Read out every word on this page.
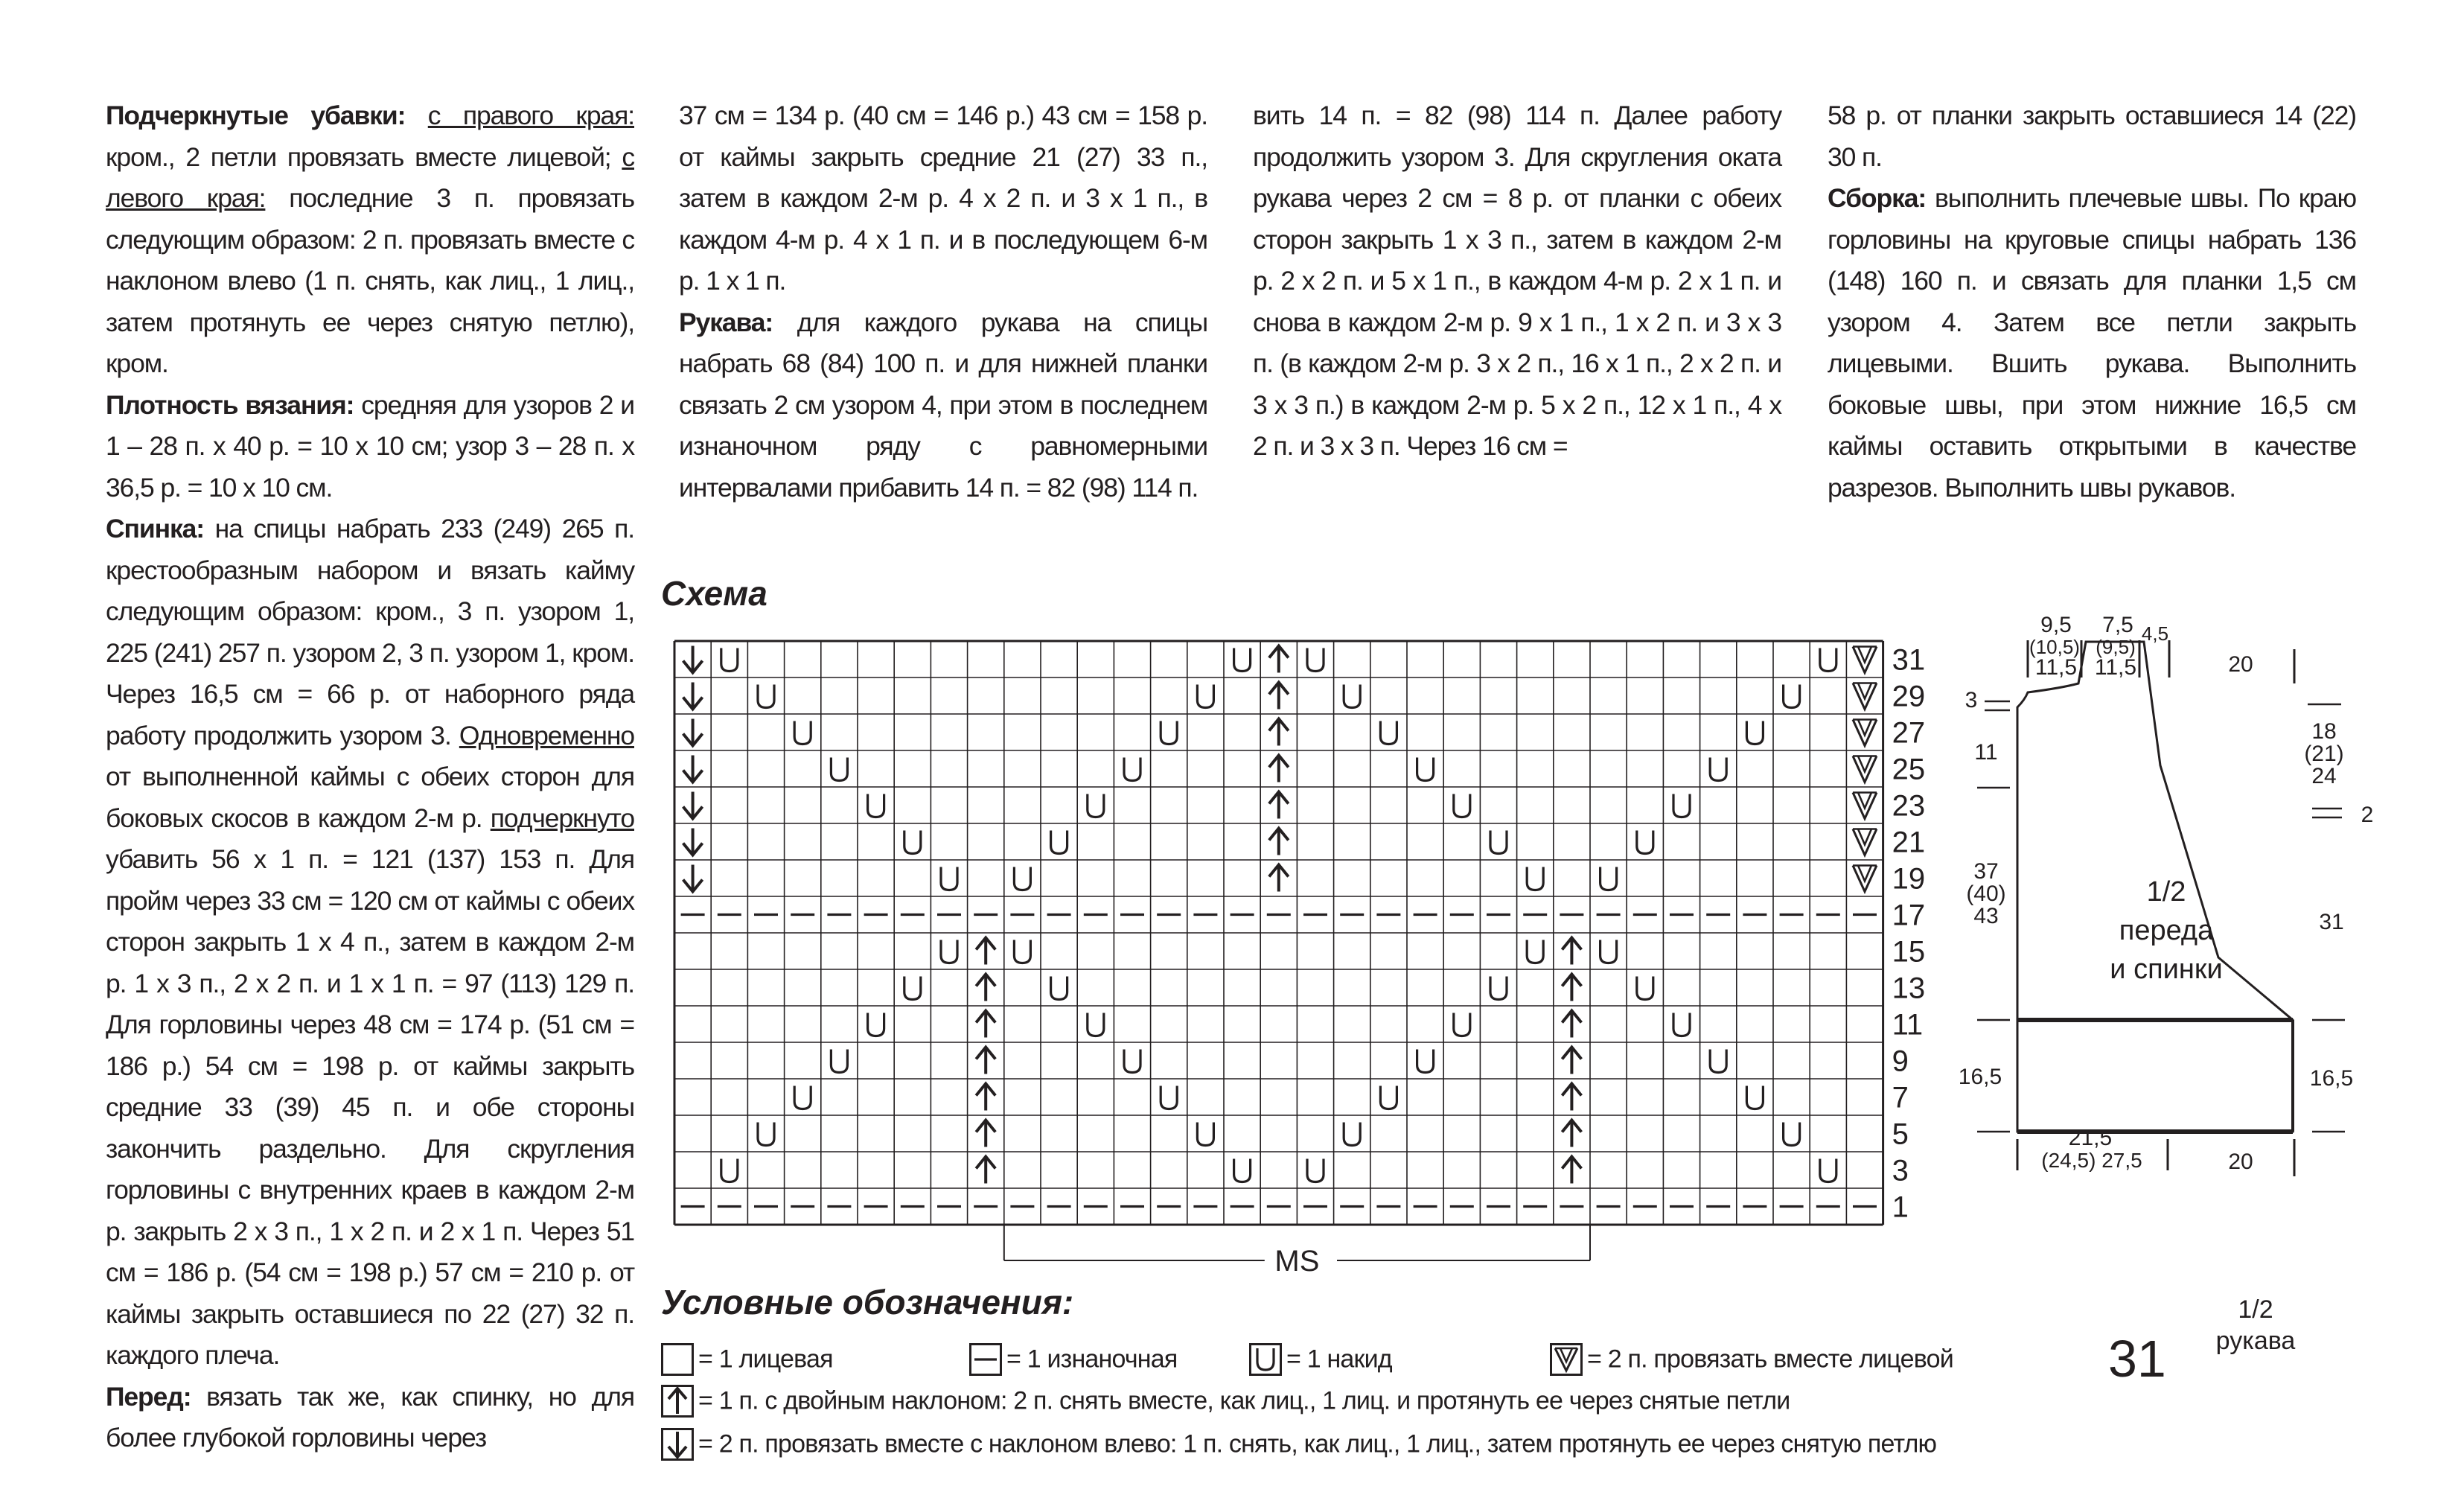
Подчеркнутые убавки: с правого края: кром., 2 петли провязать вместе лицевой; с левого края: последние 3 п. провязать следующим образом: 2 п. провязать вместе с наклоном влево (1 п. снять, как лиц., 1 лиц., затем протянуть ее через снятую петлю), кром.

Плотность вязания: средняя для узоров 2 и 1 – 28 п. х 40 р. = 10 х 10 см; узор 3 – 28 п. х 36,5 р. = 10 х 10 см.

Спинка: на спицы набрать 233 (249) 265 п. крестообразным набором и вязать кайму следующим образом: кром., 3 п. узором 1, 225 (241) 257 п. узором 2, 3 п. узором 1, кром. Через 16,5 см = 66 р. от наборного ряда работу продолжить узором 3. Одновременно от выполненной каймы с обеих сторон для боковых скосов в каждом 2-м р. подчеркнуто убавить 56 х 1 п. = 121 (137) 153 п. Для пройм через 33 см = 120 см от каймы с обеих сторон закрыть 1 х 4 п., затем в каждом 2-м р. 1 х 3 п., 2 х 2 п. и 1 х 1 п. = 97 (113) 129 п. Для горловины через 48 см = 174 р. (51 см = 186 р.) 54 см = 198 р. от каймы закрыть средние 33 (39) 45 п. и обе стороны закончить раздельно. Для скругления горловины с внутренних краев в каждом 2-м р. закрыть 2 х 3 п., 1 х 2 п. и 2 х 1 п. Через 51 см = 186 р. (54 см = 198 р.) 57 см = 210 р. от каймы закрыть оставшиеся по 22 (27) 32 п. каждого плеча.

Перед: вязать так же, как спинку, но для более глубокой горловины через

37 см = 134 р. (40 см = 146 р.) 43 см = 158 р. от каймы закрыть средние 21 (27) 33 п., затем в каждом 2-м р. 4 х 2 п. и 3 х 1 п., в каждом 4-м р. 4 х 1 п. и в последующем 6-м р. 1 х 1 п.

Рукава: для каждого рукава на спицы набрать 68 (84) 100 п. и для нижней планки связать 2 см узором 4, при этом в последнем изнаночном ряду с равномерными интервалами прибавить 14 п. = 82 (98) 114 п.

вить 14 п. = 82 (98) 114 п. Далее работу продолжить узором 3. Для скругления оката рукава через 2 см = 8 р. от планки с обеих сторон закрыть 1 х 3 п., затем в каждом 2-м р. 2 х 2 п. и 5 х 1 п., в каждом 4-м р. 2 х 1 п. и снова в каждом 2-м р. 9 х 1 п., 1 х 2 п. и 3 х 3 п. (в каждом 2-м р. 3 х 2 п., 16 х 1 п., 2 х 2 п. и 3 х 3 п.) в каждом 2-м р. 5 х 2 п., 12 х 1 п., 4 х 2 п. и 3 х 3 п. Через 16 см =

58 р. от планки закрыть оставшиеся 14 (22) 30 п.

Сборка: выполнить плечевые швы. По краю горловины на круговые спицы набрать 136 (148) 160 п. и связать для планки 1,5 см узором 4. Затем все петли закрыть лицевыми. Вшить рукава. Выполнить боковые швы, при этом нижние 16,5 см каймы оставить открытыми в качестве разрезов. Выполнить швы рукавов.

Схема
31
29
27
25
23
21
19
17
15
13
11
9
7
5
3
1
MS
Условные обозначения:
= 1 лицевая	= 1 изнаночная	= 1 накид	= 2 п. провязать вместе лицевой
= 1 п. с двойным наклоном: 2 п. снять вместе, как лиц., 1 лиц. и протянуть ее через снятые петли
= 2 п. провязать вместе с наклоном влево: 1 п. снять, как лиц., 1 лиц., затем протянуть ее через снятую петлю
31
9,5
(10,5)
11,5
7,5
(9,5)
11,5
4,5
20
3
11
37
(40)
43
16,5
1/2
переда
и спинки
18
(21)
24
2
31
16,5
21,5
(24,5) 27,5	20
1/2
рукава
